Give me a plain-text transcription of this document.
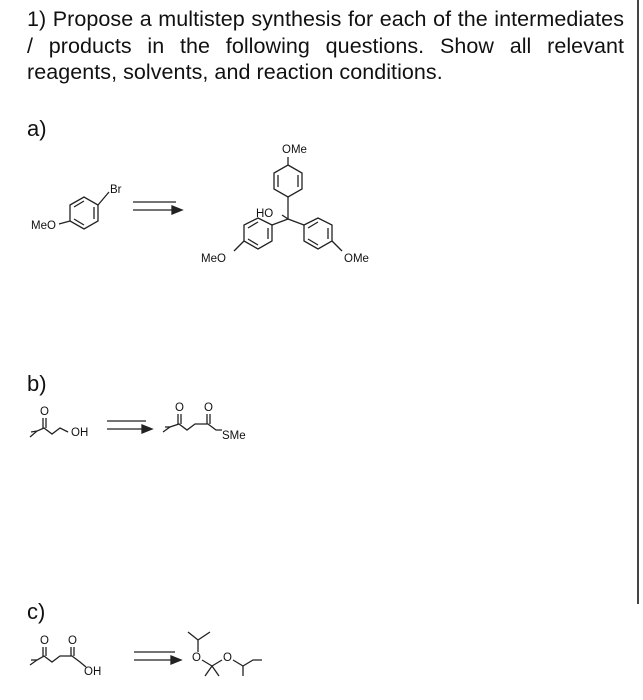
1) Propose a multistep synthesis for each of the intermediates / products in the following questions. Show all relevant reagents, solvents, and reaction conditions.
a)
b)
c)
Br
MeO
OMe
HO
MeO	OMe
O
OH
O O
SMe
O O
OH
O O
